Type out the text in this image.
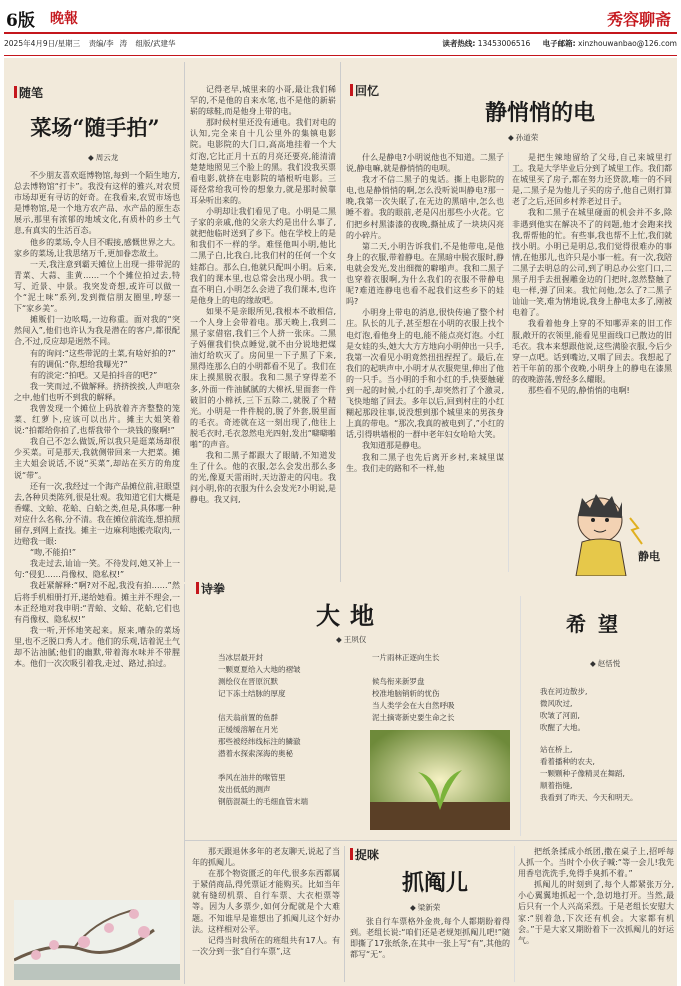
6版 晚報	秀容聊斋
2025年4月9日/星期三 责编/李 涛 组版/武建华	读者热线: 13453006516 电子邮箱: xinzhouwanbao@126.com
随笔
菜场“随手拍”
◆ 周云龙

不少朋友喜欢逛博物馆,每到一个陌生地方,总去博物馆“打卡”。我没有这样的雅兴,对农贸市场却更有寻访的好奇。在我看来,农贸市场也是博物馆,是一个地方农产品、水产品的原生态展示,那里有浓郁的地域文化,有质朴的乡土气息,有真实的生活百态。

他乡的菜场,令人目不暇接,感慨世界之大。家乡的菜场,让我思绪万千,更加眷恋故土。

一天,我注意到霸天摊位上出现一排带泥的青菜、大蒜、韭黄……一个个摊位拍过去,特写、近景、中景。我突发奇想,或许可以做一个“泥土味”系列,发到微信朋友圈里,哼瑟一下“家乡美”。

摊贩们一边吆喝,一边称重。面对我的“突然闯入”,他们也许认为我是潜在的客户,都很配合,不过,反应却是迥然不同。

有的询问:“这些带泥的土菜,有啥好拍的?”

有的调侃:“你,想给我曝光?”

有的淡定:“拍吧。又是拍抖音的吧?”

我一笑而过,不做解释。挤挤挨挨,人声喧杂之中,他们也听不到我的解释。

我曾发现一个摊位上码放着齐齐整整的笼菜、红萝卜,应该可以出片。摊主大姐笑着说:“拍都给你拍了,也帮我带个一块钱的聚啊!”

我自己不怎么做饭,所以我只是逛菜场却很少买菜。可是那天,我就侧带回来一大把菜。摊主大姐会说话,不说“买菜”,却站在买方的角度说“带”。

还有一次,我经过一个海产品摊位前,驻眼望去,各种贝类陈列,很是壮观。我知道它们大概是香螺、文蛤、花蛤、白蛤之类,但是,具体哪一种对应什么名称,分不清。我在摊位前流连,想拍照留存,到网上查找。摊主一边麻利地搬壳取肉,一边赔我一眼:

“吻,不能拍!”

我走过去,讪讪一笑。不待发问,她又补上一句:“侵犯……肖像权、隐私权!”

我赶紧解释:“啊?对不起,我没有拍……”然后将手机相册打开,递给她看。摊主并不理会,一本正经地对我申明:“青蛤、文蛤、花蛤,它们也有肖像权、隐私权!”

我一听,开怀地笑起来。原来,嘈杂的菜场里,也不乏脱口秀人才。他们的乐观,诘着泥土气却不沾油腻;他们的幽默,带着海水味并不带腥本。他们一次次吸引着我,走过、路过,拍过。

记得老早,城里来的小哥,最让我们稀罕的,不是他的自来水笔,也不是他的新崭崭的球鞋,而是他身上带的电。

那时候村里还没有通电。我们对电的认知,完全来自十几公里外的集镇电影院。电影院的大门口,高高地挂着一个大灯泡,它比正月十五的月亮还要亮,能清清楚楚地照见三个脸上的黑。我们没我买票看电影,就挤在电影院的墙根听电影。三哥经常给我可怜的想象力,就是那时候靠耳朵听出来的。

小明却让我们看见了电。小明是二黑子家的亲戚,他的父亲大约是出什么事了,就把他临时送到了乡下。他在学校上的是和我们不一样的学。难怪他叫小明,他比二黑子白,比我白,比我们村的任何一个女娃都白。那么白,他就只配叫小明。后来,我们的课本里,也总常会出现小明。我一直不明白,小明怎么会进了我们课本,也许是他身上的电的缘故吧。

如果不是亲眼所见,我根本不敢相信,一个人身上会带着电。那天晚上,我到二黑子家借宿,我们三个人挤一张床。二黑子妈催我们快点睡觉,就不由分说地把煤油灯给吹灭了。房间里一下子黑了下来,黑得连那么白的小明都看不见了。我们在床上摸黑脱衣服。我和二黑子穿得差不多,外面一件油腻腻的大棉袄,里面套一件破旧的小棉袄,三下五除二,就脱了个精光。小明是一件件脱的,脱了外套,脱里面的毛衣。奇迹就在这一刻出现了,他往上脱毛衣时,毛衣忽然电光四射,发出“噼噼啪啪”的声音。

我和二黑子都跟大了眼睛,不知道发生了什么。他的衣服,怎么会发出那么多的光,像夏天雷雨时,天边游走的闪电。我问小明,你的衣服为什么会发光?小明说,是静电。我又问,

回忆
静悄悄的电
◆ 孙道荣

什么是静电?小明说他也不知道。二黑子说,静电嘛,就是静悄悄的电呗。

我才不信二黑子的鬼话。撕上电影院的电,也是静悄悄的啊,怎么没听说叫静电?那一晚,我第一次失眠了,在无边的黑暗中,怎么也睡不着。我的眼前,老是闪出那些小火花。它们把乡村黑漆漆的夜晚,撕扯成了一块块闪亮的小碎片。

第二天,小明告诉我们,不是他带电,是他身上的衣服,带着静电。在黑暗中脱衣服时,静电就会发光,发出细微的噼啪声。我和二黑子也穿着衣服啊,为什么我们的衣服不带静电呢?难道连静电也看不起我们这些乡下的娃吗?

小明身上带电的消息,很快传遍了整个村庄。队长的儿子,甚至想在小明的衣服上找个电灯泡,看他身上的电,能不能点亮灯泡。小红是女娃的头,她大大方方地向小明伸出一只手,我第一次看见小明竟然扭扭捏捏了。最后,在我们的起哄声中,小明才从衣服兜里,伸出了他的一只手。当小明的手和小红的手,快要触碰到一起的时候,小红的手,却突然打了个激灵,飞快地缩了回去。多年以后,回到村庄的小红糊起那段往事,说没想到那个城里来的男孩身上真的带电。“那次,我真的被电到了,”小红的话,引得哄墙根的一群中老年妇女哈哈大笑。

我知道那是静电。

我和二黑子也先后离开乡村,来城里谋生。我们走的路和不一样,他

是把生辣地留给了父母,自己来城里打工。我是大学毕业后分到了城里工作。我们都在城里买了房子,都在努力还贷款,唯一的不同是,二黑子是为他儿子买的房子,他自己则打算老了之后,还回乡村养老过日子。

我和二黑子在城里碰面的机会并不多,除非遇到他实在解决不了的问题,他才会跑来找我,帮帮他的忙。有些事,我也帮不上忙,我们就找小明。小明已是明总,我们觉得很难办的事情,在他那儿,也许只是小事一桩。有一次,我陪二黑子去明总的公司,到了明总办公室门口,二黑子用手去扭握雕金边的门把时,忽然整触了电一样,弹了回来。我忙问他,怎么了?二黑子讪讪一笑,难为情地说,我身上静电太多了,刚被电着了。

我看着他身上穿的不知哪弄来的旧工作服,敞开的衣领里,能看见里面线口已散边的旧毛衣。我本来想跟他说,这些满脸衣服,今后少穿一点吧。话到嘴边,又咽了回去。我想起了若干年前的那个夜晚,小明身上的静电在漆黑的夜晚游荡,曾经多么耀眼。

那些看不见的,静悄悄的电啊!

静电
诗拳
大地
◆ 王夙仅
当冰层最开封
一颗夏夏给入大地的褶皱
测绘仪在晋原沉默
记下冻土结脉的厚度

信天翁前置的鱼群
正缓缓溶解在月光
那些被经纬线标注的鱗澈
潜着水探索深海的奥秘

季风在油井的喉管里
发出低低的测声
钢筋混凝土的毛细血管末端
一片雨林正逐向生长

候鸟衔来新罗盘
校准地脑销斩的忧伤
当人类学会在大自然呼吸
泥土摘寄新史要生命之长
希望
◆ 赵恬悦
我在河边散步,
微风吹过,
吹皱了河面,
吹醒了大地。
站在桥上,
看着播种的农夫,
一颗颗种子像精灵在舞蹈,
顺着指缝,
我看到了昨天、今天和明天。

那天跟退休多年的老友聊天,说起了当年的抓阄儿。

在那个物资匮乏的年代,很多东西都属于紧俏商品,得凭票证才能购买。比如当年就有缝纫机票、自行车票、大衣柜票等等。因为人多票少,如何分配就是个大难题。不知谁早是谁想出了抓阄儿这个好办法。这样相对公平。

记得当时我所在的班组共有17人。有一次分到一张“自行车票”,这

捉咪
抓阄儿
◆ 梁新荣

张自行车票格外金贵,每个人都期盼着得到。老组长说:“咱们还是老规矩抓阄儿吧!”随即撕了17张纸条,在其中一张上写“有”,其他的都写“无”。

把纸条揉成小纸团,撒在桌子上,招呼每人抓一个。当时个小伙子喊:“等一会儿!我先用香皂洗洗手,免得手臭抓不着。”

抓阄儿的时刻到了,每个人都紧张万分,小心翼翼地抓起一个,急切地打开。当然,最后只有一个人兴高采烈。于是老组长安慰大家:“别着急,下次还有机会。大家都有机会。”于是大家又期盼着下一次抓阄儿的好运气。
